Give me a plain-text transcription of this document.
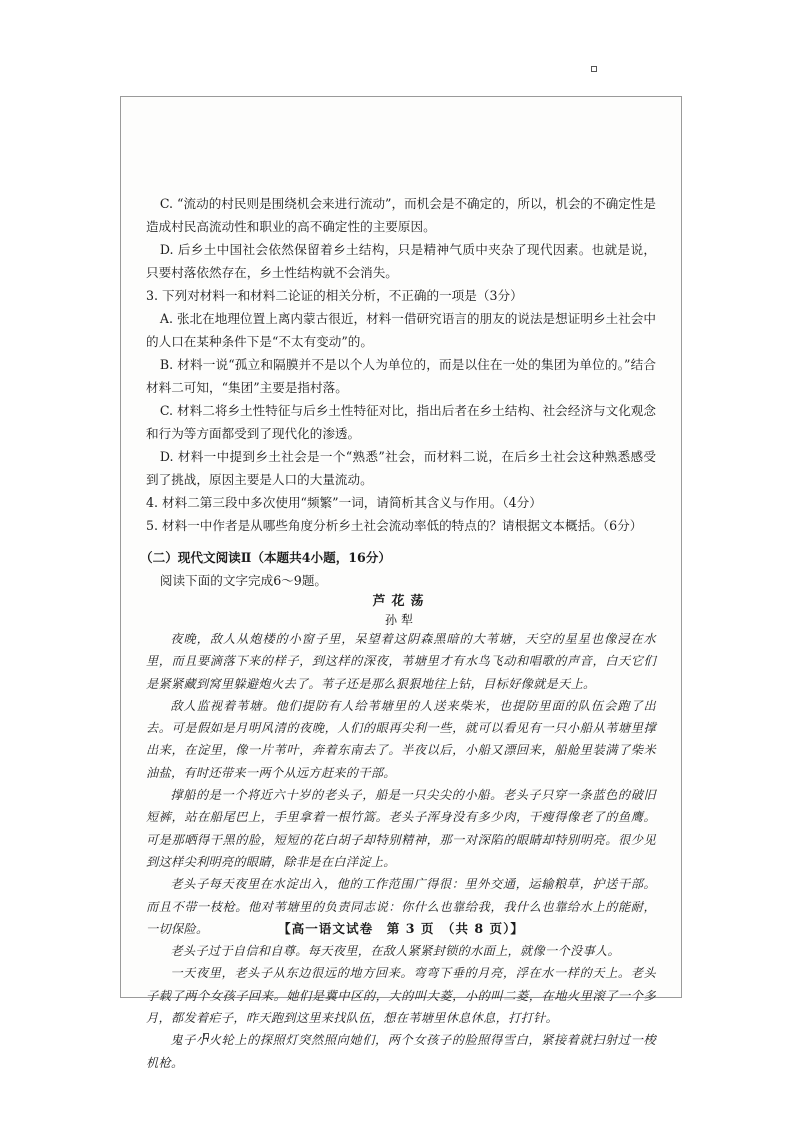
C. “流动的村民则是围绕机会来进行流动”，而机会是不确定的，所以，机会的不确定性是造成村民高流动性和职业的高不确定性的主要原因。

D. 后乡土中国社会依然保留着乡土结构，只是精神气质中夹杂了现代因素。也就是说，只要村落依然存在，乡土性结构就不会消失。

3. 下列对材料一和材料二论证的相关分析，不正确的一项是（3分）

A. 张北在地理位置上离内蒙古很近，材料一借研究语言的朋友的说法是想证明乡土社会中的人口在某种条件下是“不太有变动”的。

B. 材料一说“孤立和隔膜并不是以个人为单位的，而是以住在一处的集团为单位的。”结合材料二可知，“集团”主要是指村落。

C. 材料二将乡土性特征与后乡土性特征对比，指出后者在乡土结构、社会经济与文化观念和行为等方面都受到了现代化的渗透。

D. 材料一中提到乡土社会是一个“熟悉”社会，而材料二说，在后乡土社会这种熟悉感受到了挑战，原因主要是人口的大量流动。

4. 材料二第三段中多次使用“频繁”一词，请简析其含义与作用。（4分）

5. 材料一中作者是从哪些角度分析乡土社会流动率低的特点的？请根据文本概括。（6分）

（二）现代文阅读Ⅱ（本题共4小题，16分）

阅读下面的文字完成6～9题。

芦花荡
孙犁

夜晚，敌人从炮楼的小窗子里，呆望着这阴森黑暗的大苇塘，天空的星星也像浸在水里，而且要滴落下来的样子，到这样的深夜，苇塘里才有水鸟飞动和唱歌的声音，白天它们是紧紧藏到窝里躲避炮火去了。苇子还是那么狠狠地往上钻，目标好像就是天上。

敌人监视着苇塘。他们提防有人给苇塘里的人送来柴米，也提防里面的队伍会跑了出去。可是假如是月明风清的夜晚，人们的眼再尖利一些，就可以看见有一只小船从苇塘里撑出来，在淀里，像一片苇叶，奔着东南去了。半夜以后，小船又漂回来，船舱里装满了柴米油盐，有时还带来一两个从远方赶来的干部。

撑船的是一个将近六十岁的老头子，船是一只尖尖的小船。老头子只穿一条蓝色的破旧短裤，站在船尾巴上，手里拿着一根竹篙。老头子浑身没有多少肉，干瘦得像老了的鱼鹰。可是那晒得干黑的脸，短短的花白胡子却特别精神，那一对深陷的眼睛却特别明亮。很少见到这样尖利明亮的眼睛，除非是在白洋淀上。

老头子每天夜里在水淀出入，他的工作范围广得很：里外交通，运输粮草，护送干部。而且不带一枝枪。他对苇塘里的负责同志说：你什么也靠给我，我什么也靠给水上的能耐，一切保险。

老头子过于自信和自尊。每天夜里，在敌人紧紧封锁的水面上，就像一个没事人。

一天夜里，老头子从东边很远的地方回来。弯弯下垂的月亮，浮在水一样的天上。老头子载了两个女孩子回来。她们是冀中区的，大的叫大菱，小的叫二菱，在地火里滚了一个多月，都发着疟子，昨天跑到这里来找队伍，想在苇塘里休息休息，打打针。

鬼子小火轮上的探照灯突然照向她们，两个女孩子的脸照得雪白，紧接着就扫射过一梭机枪。

【高一语文试卷　第 3 页　（共 8 页）】
